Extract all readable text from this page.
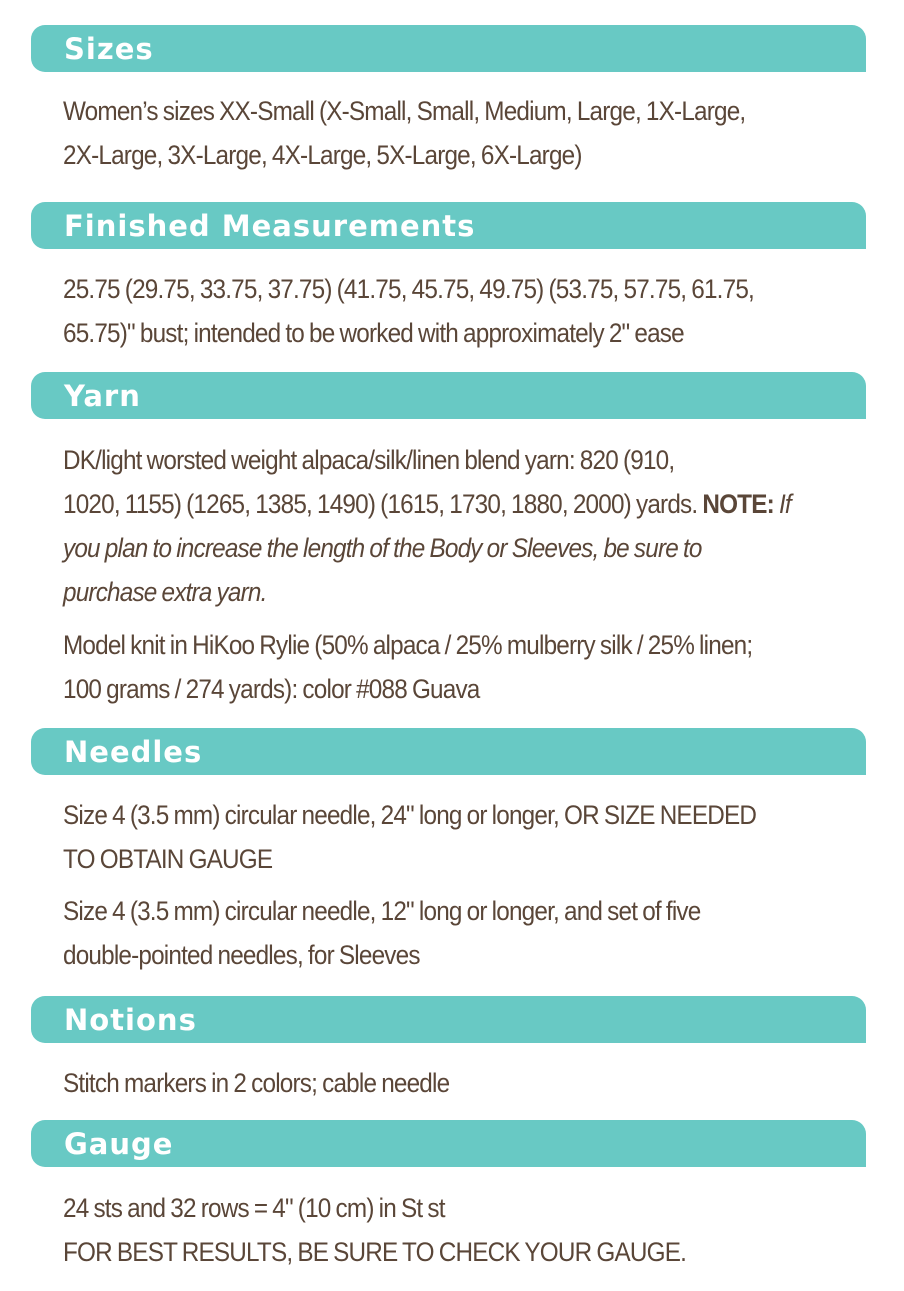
Sizes

Women’s sizes XX-Small (X-Small, Small, Medium, Large, 1X-Large,
2X-Large, 3X-Large, 4X-Large, 5X-Large, 6X-Large)

Finished Measurements

25.75 (29.75, 33.75, 37.75) (41.75, 45.75, 49.75) (53.75, 57.75, 61.75,
65.75)" bust; intended to be worked with approximately 2" ease

Yarn

DK/light worsted weight alpaca/silk/linen blend yarn: 820 (910,
1020, 1155) (1265, 1385, 1490) (1615, 1730, 1880, 2000) yards. NOTE: If
you plan to increase the length of the Body or Sleeves, be sure to
purchase extra yarn.

Model knit in HiKoo Rylie (50% alpaca / 25% mulberry silk / 25% linen;
100 grams / 274 yards): color #088 Guava

Needles

Size 4 (3.5 mm) circular needle, 24" long or longer, OR SIZE NEEDED
TO OBTAIN GAUGE

Size 4 (3.5 mm) circular needle, 12" long or longer, and set of five
double-pointed needles, for Sleeves

Notions

Stitch markers in 2 colors; cable needle

Gauge

24 sts and 32 rows = 4" (10 cm) in St st
FOR BEST RESULTS, BE SURE TO CHECK YOUR GAUGE.
